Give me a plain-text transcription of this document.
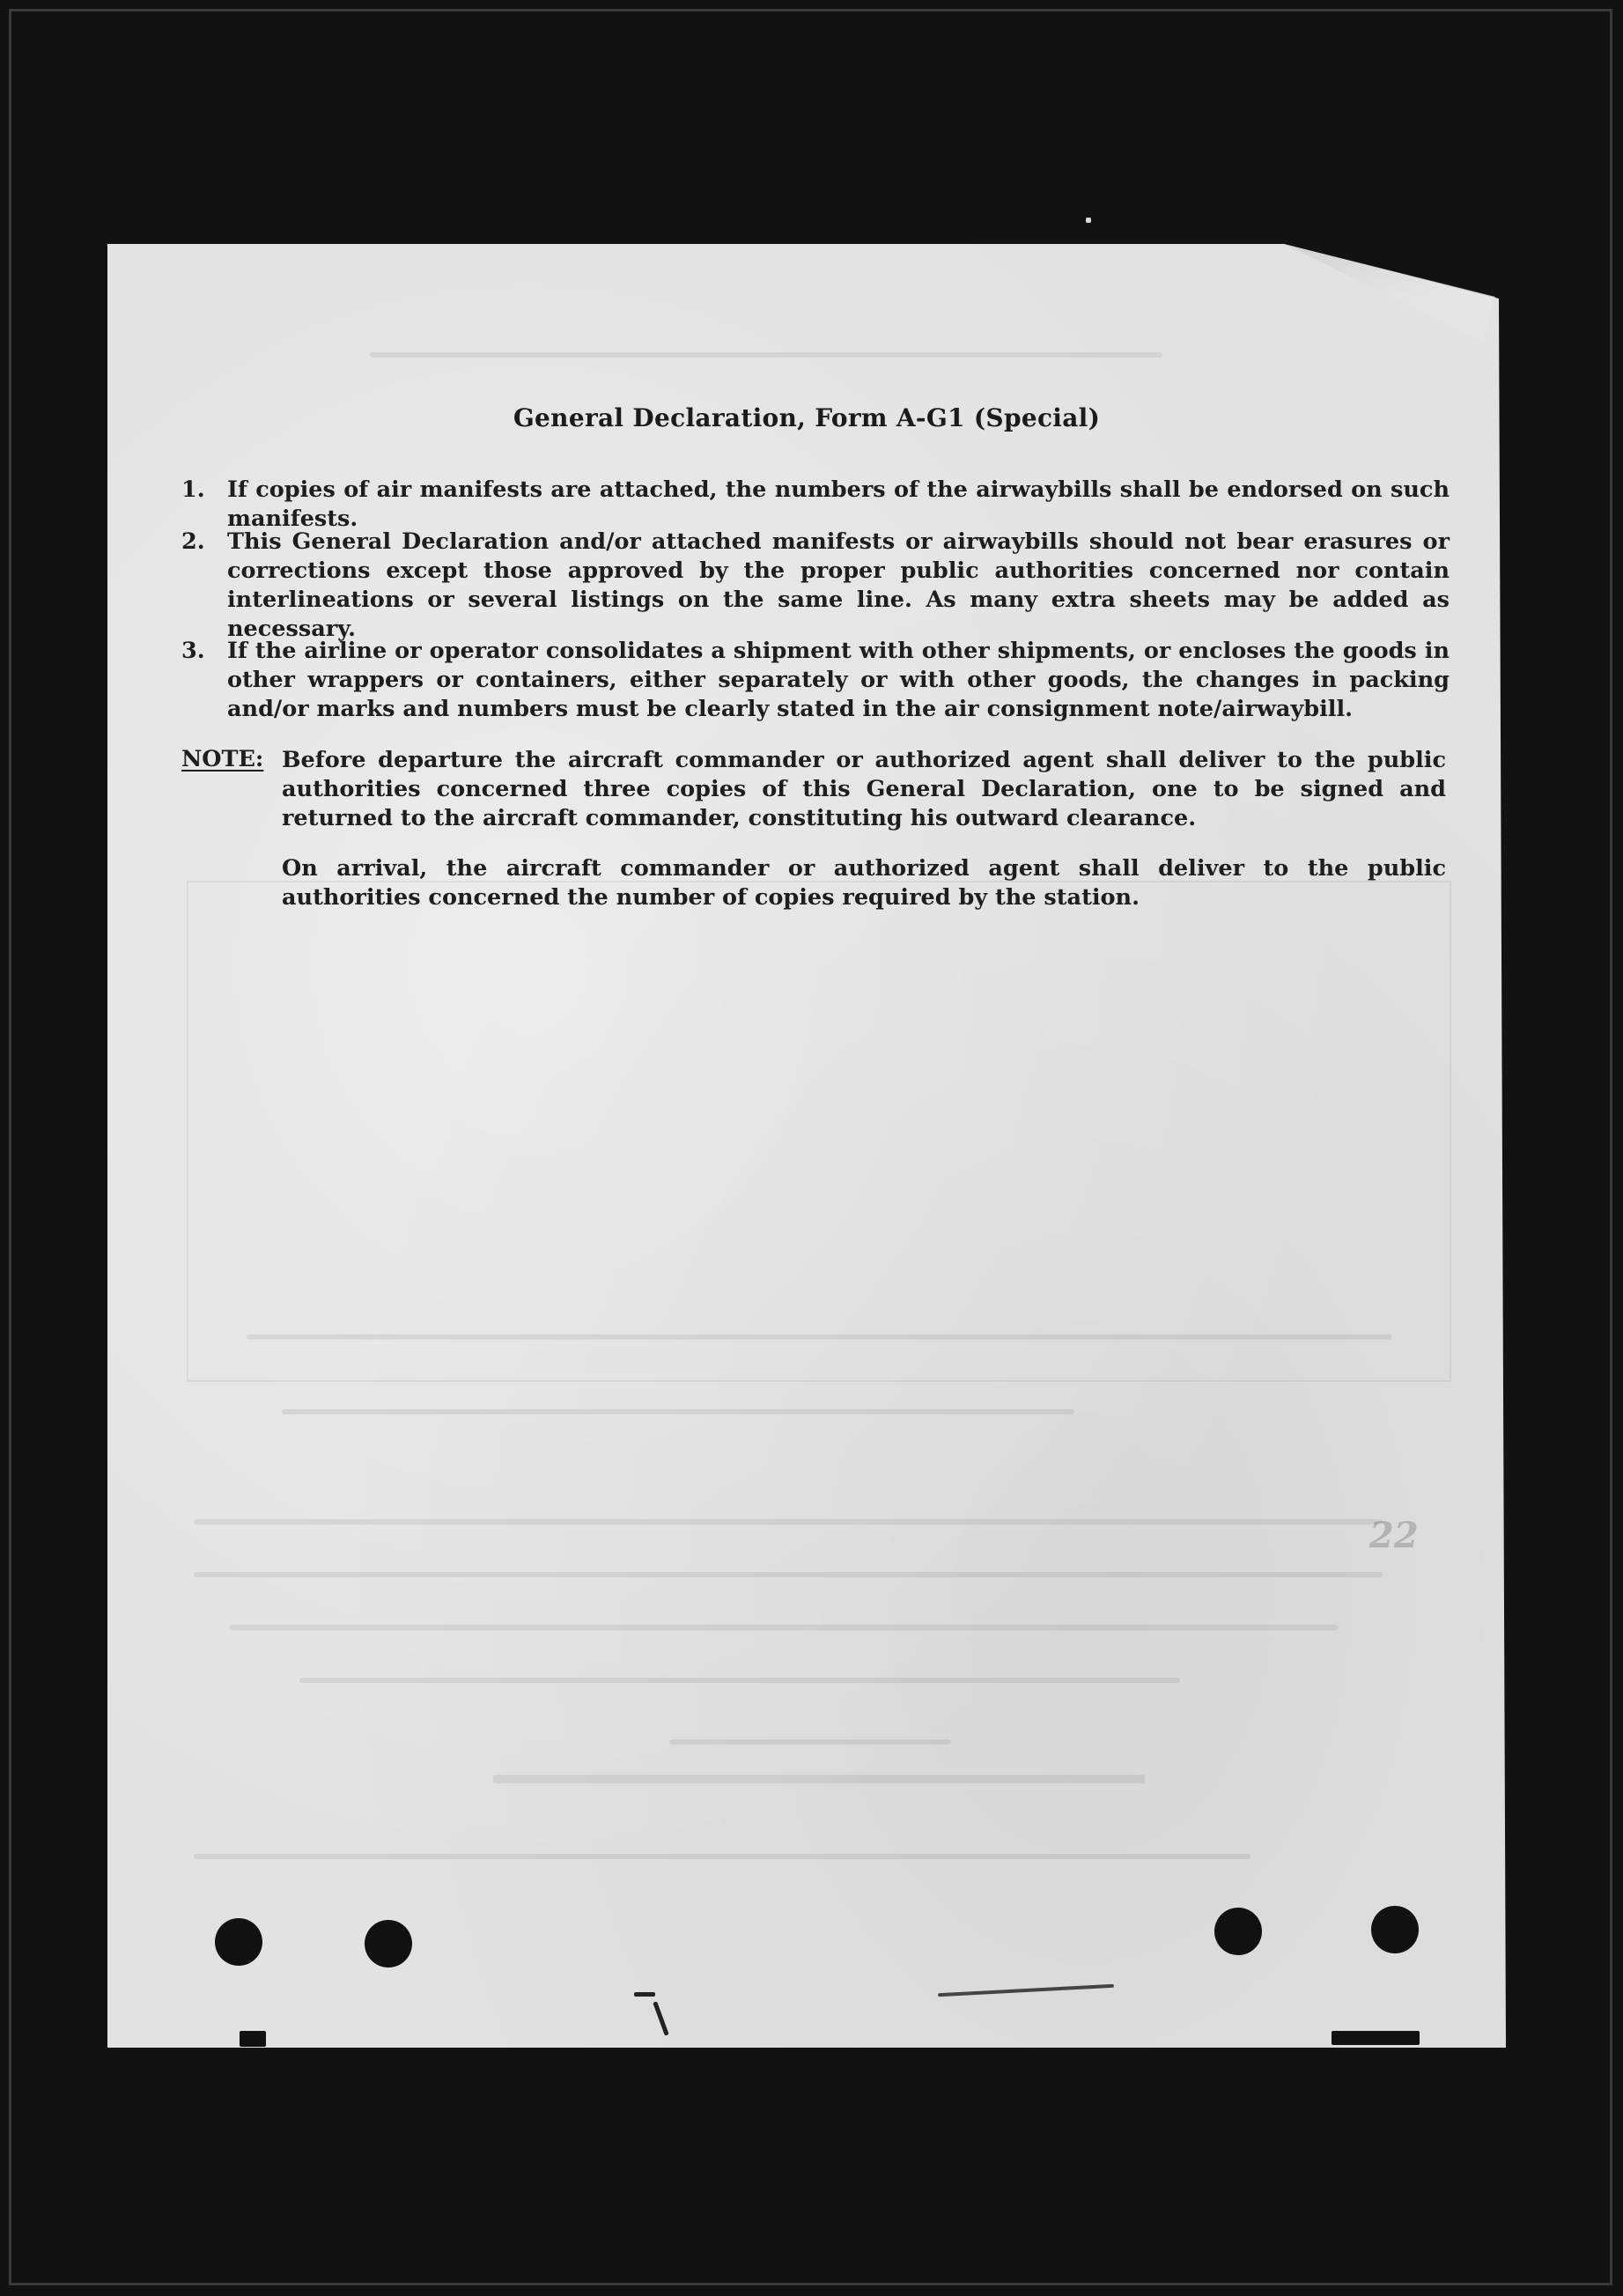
22
General Declaration, Form A-G1 (Special)
1. If copies of air manifests are attached, the numbers of the airwaybills shall be endorsed on such manifests.
2. This General Declaration and/or attached manifests or airwaybills should not bear erasures or corrections except those approved by the proper public authorities concerned nor contain interlineations or several listings on the same line. As many extra sheets may be added as necessary.
3. If the airline or operator consolidates a shipment with other shipments, or encloses the goods in other wrappers or containers, either separately or with other goods, the changes in packing and/or marks and numbers must be clearly stated in the air consignment note/airwaybill.
NOTE: Before departure the aircraft commander or authorized agent shall deliver to the public authorities concerned three copies of this General Declaration, one to be signed and returned to the aircraft commander, constituting his outward clearance.
On arrival, the aircraft commander or authorized agent shall deliver to the public authorities concerned the number of copies required by the station.
